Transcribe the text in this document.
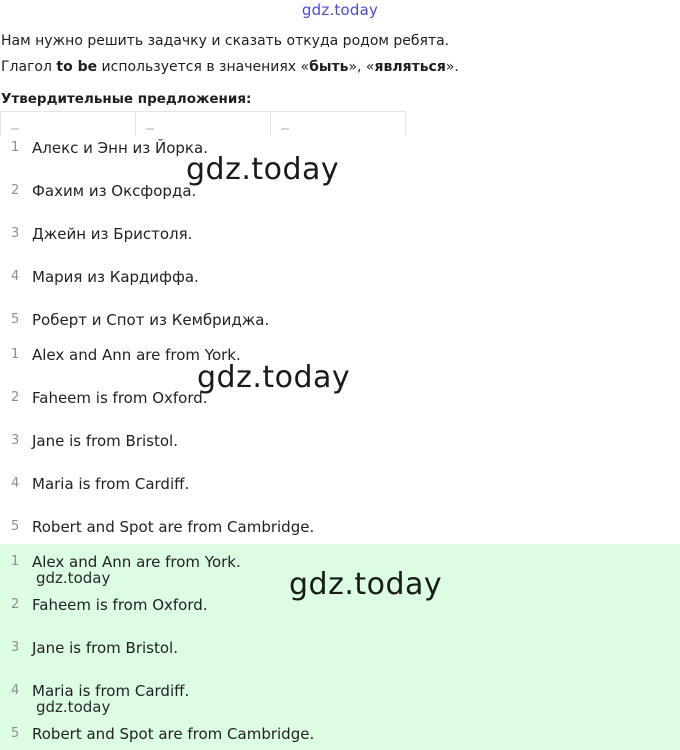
gdz.today
Нам нужно решить задачку и сказать откуда родом ребята.
Глагол to be используется в значениях «быть», «являться».
Утвердительные предложения:
1 Алекс и Энн из Йорка.
2 Фахим из Оксфорда.
3 Джейн из Бристоля.
4 Мария из Кардиффа.
5 Роберт и Спот из Кембриджа.
1 Alex and Ann are from York.
2 Faheem is from Oxford.
3 Jane is from Bristol.
4 Maria is from Cardiff.
5 Robert and Spot are from Cambridge.
1 Alex and Ann are from York.
2 Faheem is from Oxford.
3 Jane is from Bristol.
4 Maria is from Cardiff.
5 Robert and Spot are from Cambridge.
gdz.today
gdz.today
gdz.today
gdz.today
gdz.today
